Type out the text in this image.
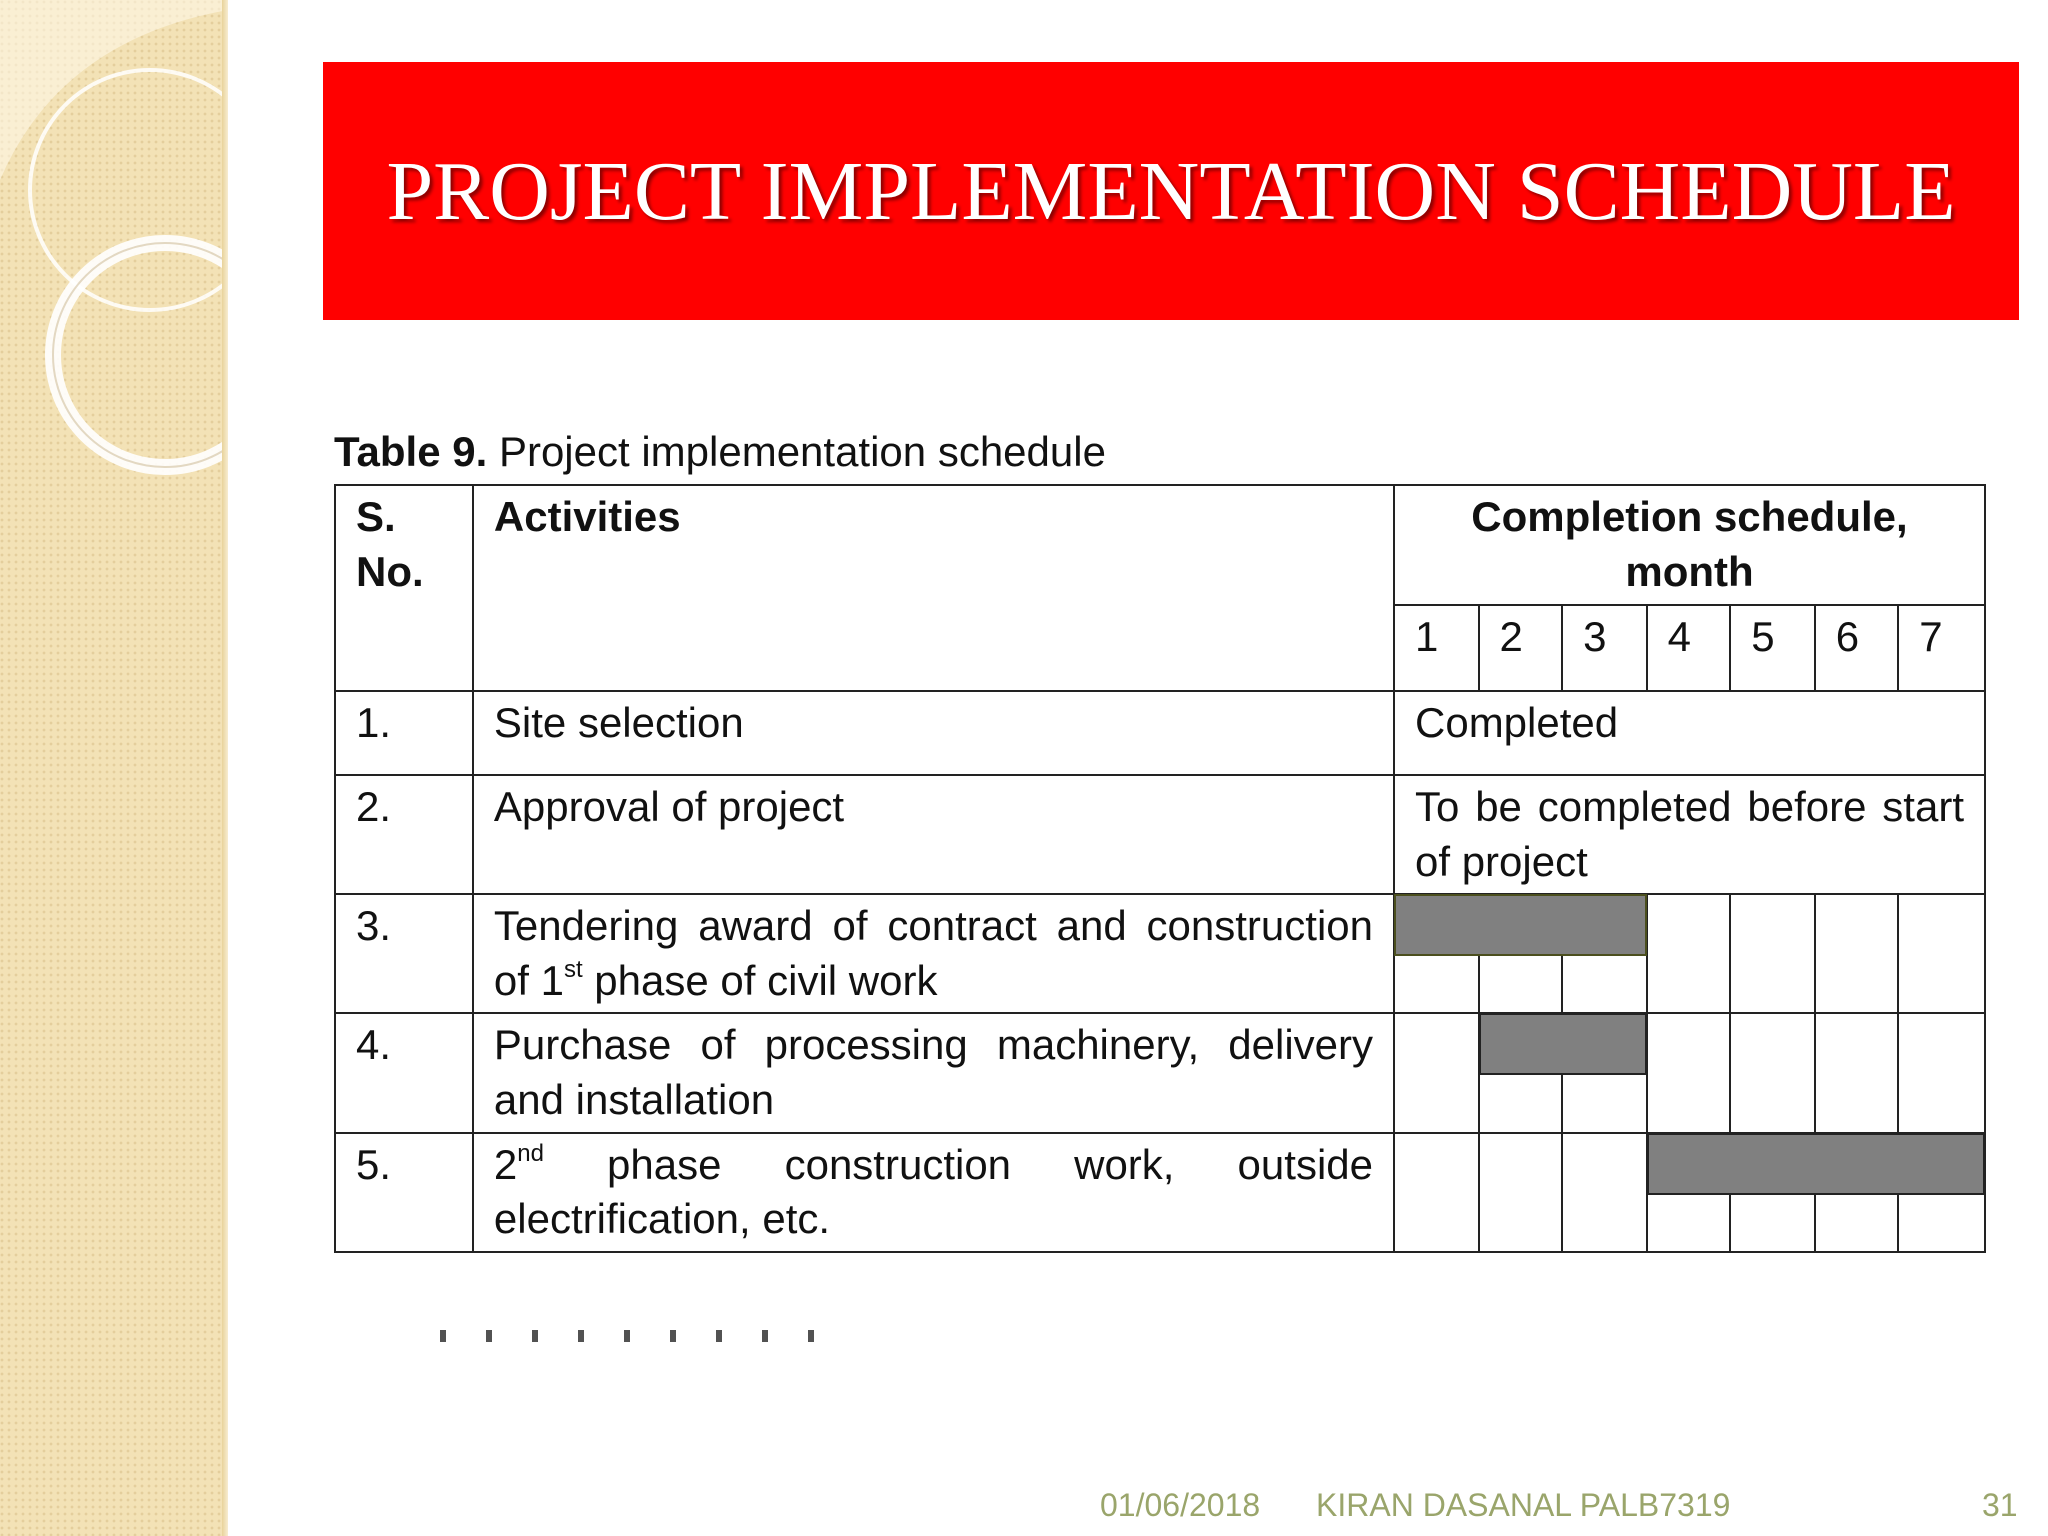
PROJECT IMPLEMENTATION SCHEDULE
Table 9. Project implementation schedule
S. No.	Activities	Completion schedule, month						
		1	2	3	4	5	6	7
1.	Site selection	Completed						
2.	Approval of project	To be completed before start of project						
3.	Tendering award of contract and construction of 1st phase of civil work							
4.	Purchase of processing machinery, delivery and installation							
5.	2nd phase construction work, outside electrification, etc.							
01/06/2018 KIRAN DASANAL PALB7319	31
